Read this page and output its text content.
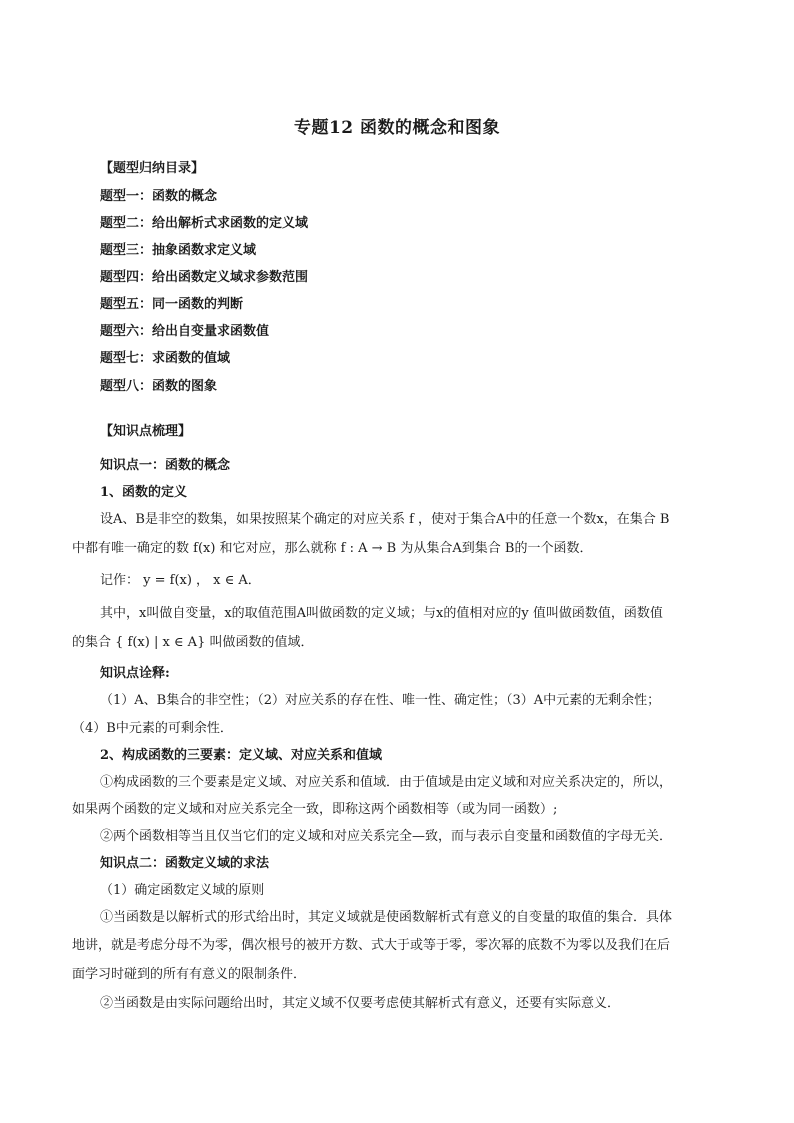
专题12 函数的概念和图象
【题型归纳目录】
题型一：函数的概念
题型二：给出解析式求函数的定义域
题型三：抽象函数求定义域
题型四：给出函数定义域求参数范围
题型五：同一函数的判断
题型六：给出自变量求函数值
题型七：求函数的值域
题型八：函数的图象
【知识点梳理】
知识点一：函数的概念
1、函数的定义
设A、B是非空的数集，如果按照某个确定的对应关系 f ，使对于集合A中的任意一个数x，在集合 B
中都有唯一确定的数 f(x) 和它对应，那么就称 f : A → B 为从集合A到集合 B的一个函数．
记作： y = f(x) ， x ∈ A．
其中，x叫做自变量，x的取值范围A叫做函数的定义域；与x的值相对应的y 值叫做函数值，函数值
的集合 { f(x) | x ∈ A} 叫做函数的值域．
知识点诠释:
（1）A、B集合的非空性；（2）对应关系的存在性、唯一性、确定性；（3）A中元素的无剩余性；
（4）B中元素的可剩余性．
2、构成函数的三要素：定义域、对应关系和值域
①构成函数的三个要素是定义域、对应关系和值域．由于值域是由定义域和对应关系决定的，所以，
如果两个函数的定义域和对应关系完全一致，即称这两个函数相等（或为同一函数）;
②两个函数相等当且仅当它们的定义域和对应关系完全—致，而与表示自变量和函数值的字母无关．
知识点二：函数定义域的求法
（1）确定函数定义域的原则
①当函数是以解析式的形式给出时，其定义域就是使函数解析式有意义的自变量的取值的集合．具体
地讲，就是考虑分母不为零，偶次根号的被开方数、式大于或等于零，零次幂的底数不为零以及我们在后
面学习时碰到的所有有意义的限制条件．
②当函数是由实际问题给出时，其定义域不仅要考虑使其解析式有意义，还要有实际意义．
